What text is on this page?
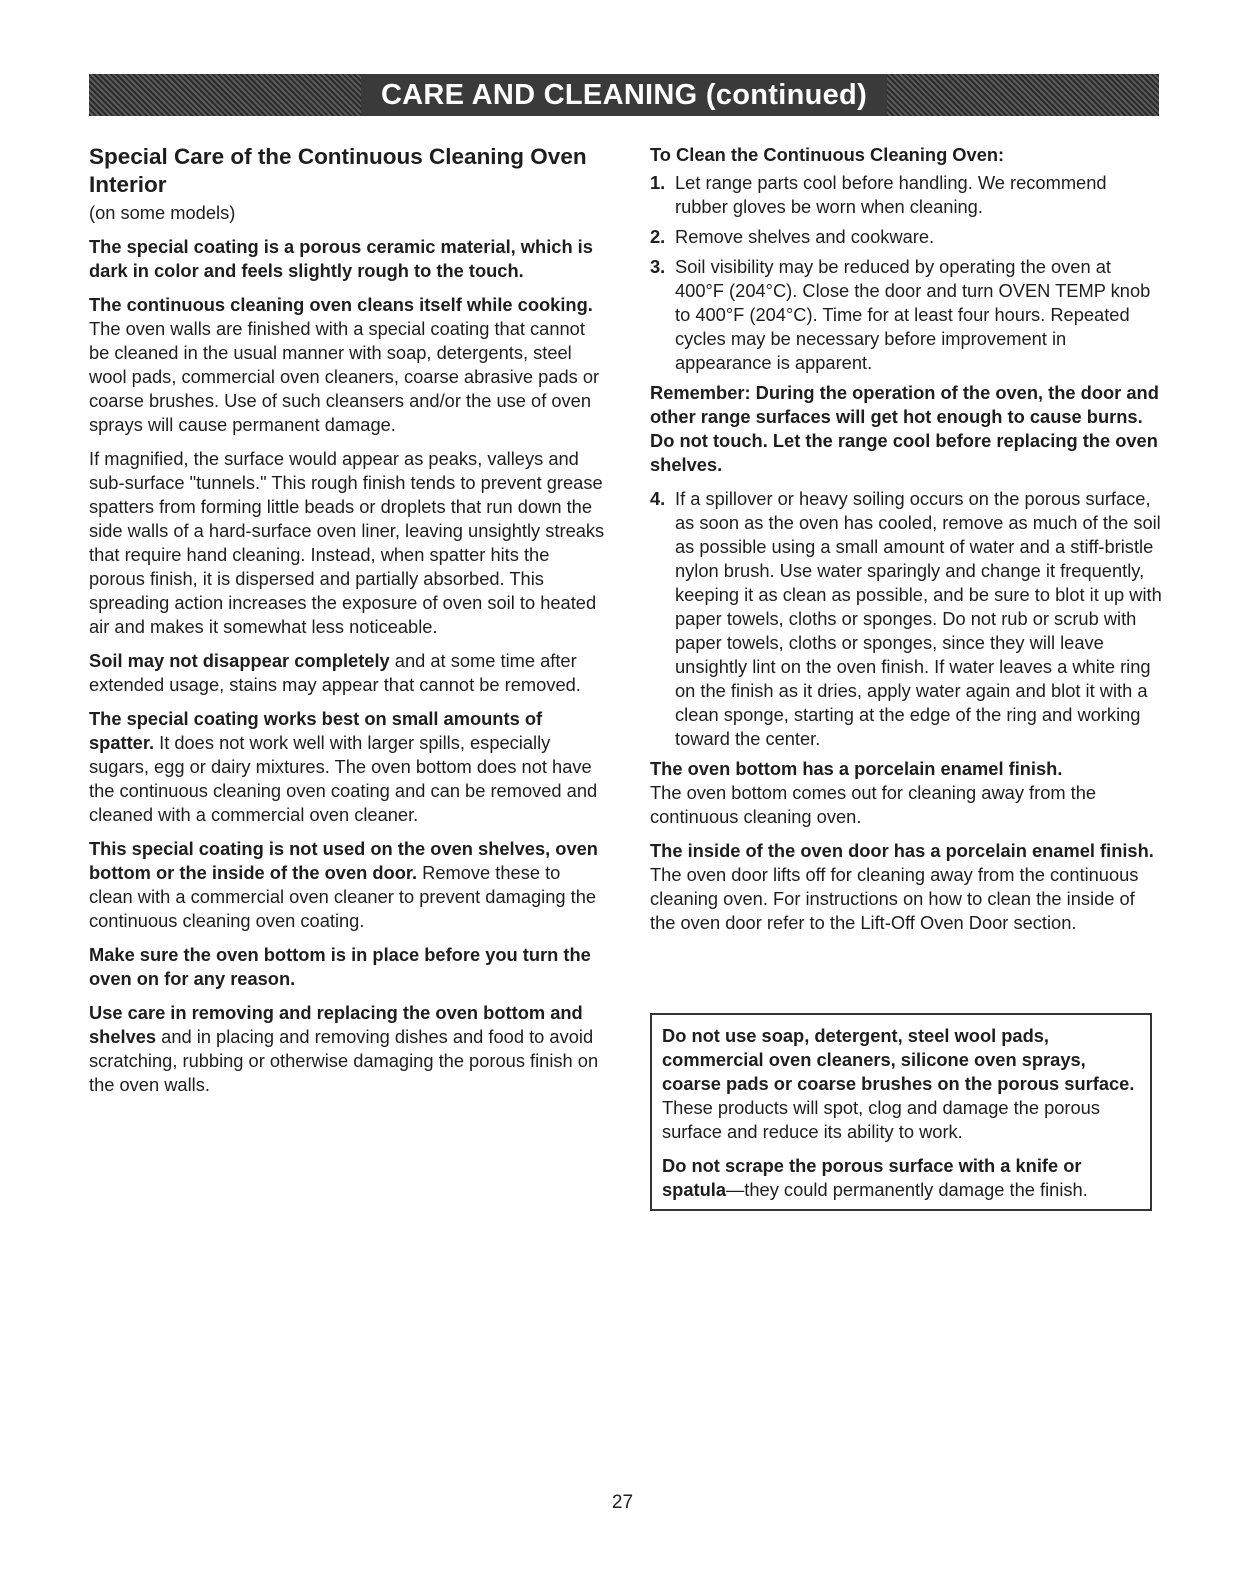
CARE AND CLEANING (continued)
Special Care of the Continuous Cleaning Oven Interior

(on some models)

The special coating is a porous ceramic material, which is dark in color and feels slightly rough to the touch.

The continuous cleaning oven cleans itself while cooking. The oven walls are finished with a special coating that cannot be cleaned in the usual manner with soap, detergents, steel wool pads, commercial oven cleaners, coarse abrasive pads or coarse brushes. Use of such cleansers and/or the use of oven sprays will cause permanent damage.

If magnified, the surface would appear as peaks, valleys and sub-surface "tunnels." This rough finish tends to prevent grease spatters from forming little beads or droplets that run down the side walls of a hard-surface oven liner, leaving unsightly streaks that require hand cleaning. Instead, when spatter hits the porous finish, it is dispersed and partially absorbed. This spreading action increases the exposure of oven soil to heated air and makes it somewhat less noticeable.

Soil may not disappear completely and at some time after extended usage, stains may appear that cannot be removed.

The special coating works best on small amounts of spatter. It does not work well with larger spills, especially sugars, egg or dairy mixtures. The oven bottom does not have the continuous cleaning oven coating and can be removed and cleaned with a commercial oven cleaner.

This special coating is not used on the oven shelves, oven bottom or the inside of the oven door. Remove these to clean with a commercial oven cleaner to prevent damaging the continuous cleaning oven coating.

Make sure the oven bottom is in place before you turn the oven on for any reason.

Use care in removing and replacing the oven bottom and shelves and in placing and removing dishes and food to avoid scratching, rubbing or otherwise damaging the porous finish on the oven walls.

To Clean the Continuous Cleaning Oven:

1. Let range parts cool before handling. We recommend rubber gloves be worn when cleaning.
2. Remove shelves and cookware.
3. Soil visibility may be reduced by operating the oven at 400°F (204°C). Close the door and turn OVEN TEMP knob to 400°F (204°C). Time for at least four hours. Repeated cycles may be necessary before improvement in appearance is apparent.

Remember: During the operation of the oven, the door and other range surfaces will get hot enough to cause burns. Do not touch. Let the range cool before replacing the oven shelves.

4. If a spillover or heavy soiling occurs on the porous surface, as soon as the oven has cooled, remove as much of the soil as possible using a small amount of water and a stiff-bristle nylon brush. Use water sparingly and change it frequently, keeping it as clean as possible, and be sure to blot it up with paper towels, cloths or sponges. Do not rub or scrub with paper towels, cloths or sponges, since they will leave unsightly lint on the oven finish. If water leaves a white ring on the finish as it dries, apply water again and blot it with a clean sponge, starting at the edge of the ring and working toward the center.

The oven bottom has a porcelain enamel finish.
The oven bottom comes out for cleaning away from the continuous cleaning oven.

The inside of the oven door has a porcelain enamel finish. The oven door lifts off for cleaning away from the continuous cleaning oven. For instructions on how to clean the inside of the oven door refer to the Lift-Off Oven Door section.

Do not use soap, detergent, steel wool pads, commercial oven cleaners, silicone oven sprays, coarse pads or coarse brushes on the porous surface. These products will spot, clog and damage the porous surface and reduce its ability to work.

Do not scrape the porous surface with a knife or spatula—they could permanently damage the finish.

27
